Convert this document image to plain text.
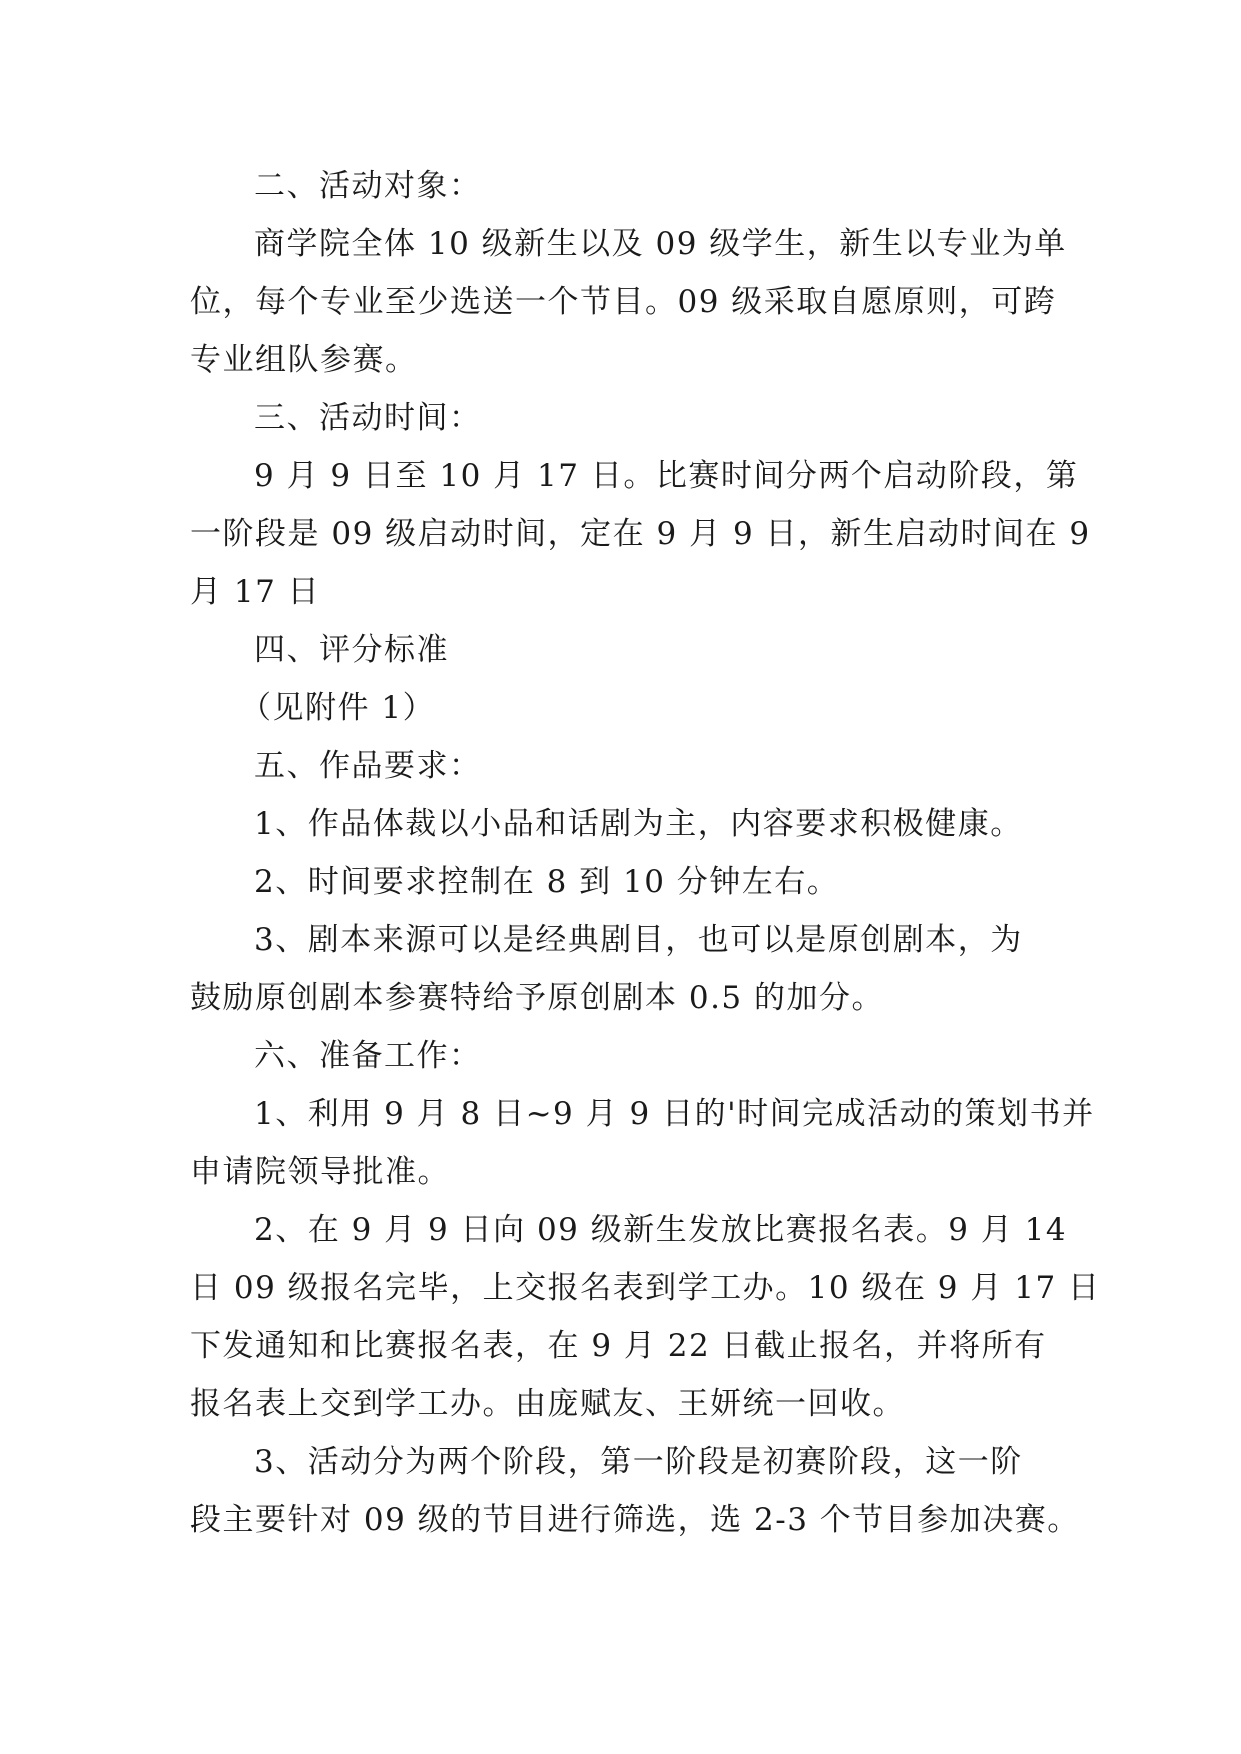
二、活动对象：
商学院全体 10 级新生以及 09 级学生，新生以专业为单
位，每个专业至少选送一个节目。09 级采取自愿原则，可跨
专业组队参赛。
三、活动时间：
9 月 9 日至 10 月 17 日。比赛时间分两个启动阶段，第
一阶段是 09 级启动时间，定在 9 月 9 日，新生启动时间在 9
月 17 日
四、评分标准
（见附件 1）
五、作品要求：
1、作品体裁以小品和话剧为主，内容要求积极健康。
2、时间要求控制在 8 到 10 分钟左右。
3、剧本来源可以是经典剧目，也可以是原创剧本，为
鼓励原创剧本参赛特给予原创剧本 0.5 的加分。
六、准备工作：
1、利用 9 月 8 日~9 月 9 日的'时间完成活动的策划书并
申请院领导批准。
2、在 9 月 9 日向 09 级新生发放比赛报名表。9 月 14
日 09 级报名完毕，上交报名表到学工办。10 级在 9 月 17 日
下发通知和比赛报名表，在 9 月 22 日截止报名，并将所有
报名表上交到学工办。由庞赋友、王妍统一回收。
3、活动分为两个阶段，第一阶段是初赛阶段，这一阶
段主要针对 09 级的节目进行筛选，选 2-3 个节目参加决赛。
